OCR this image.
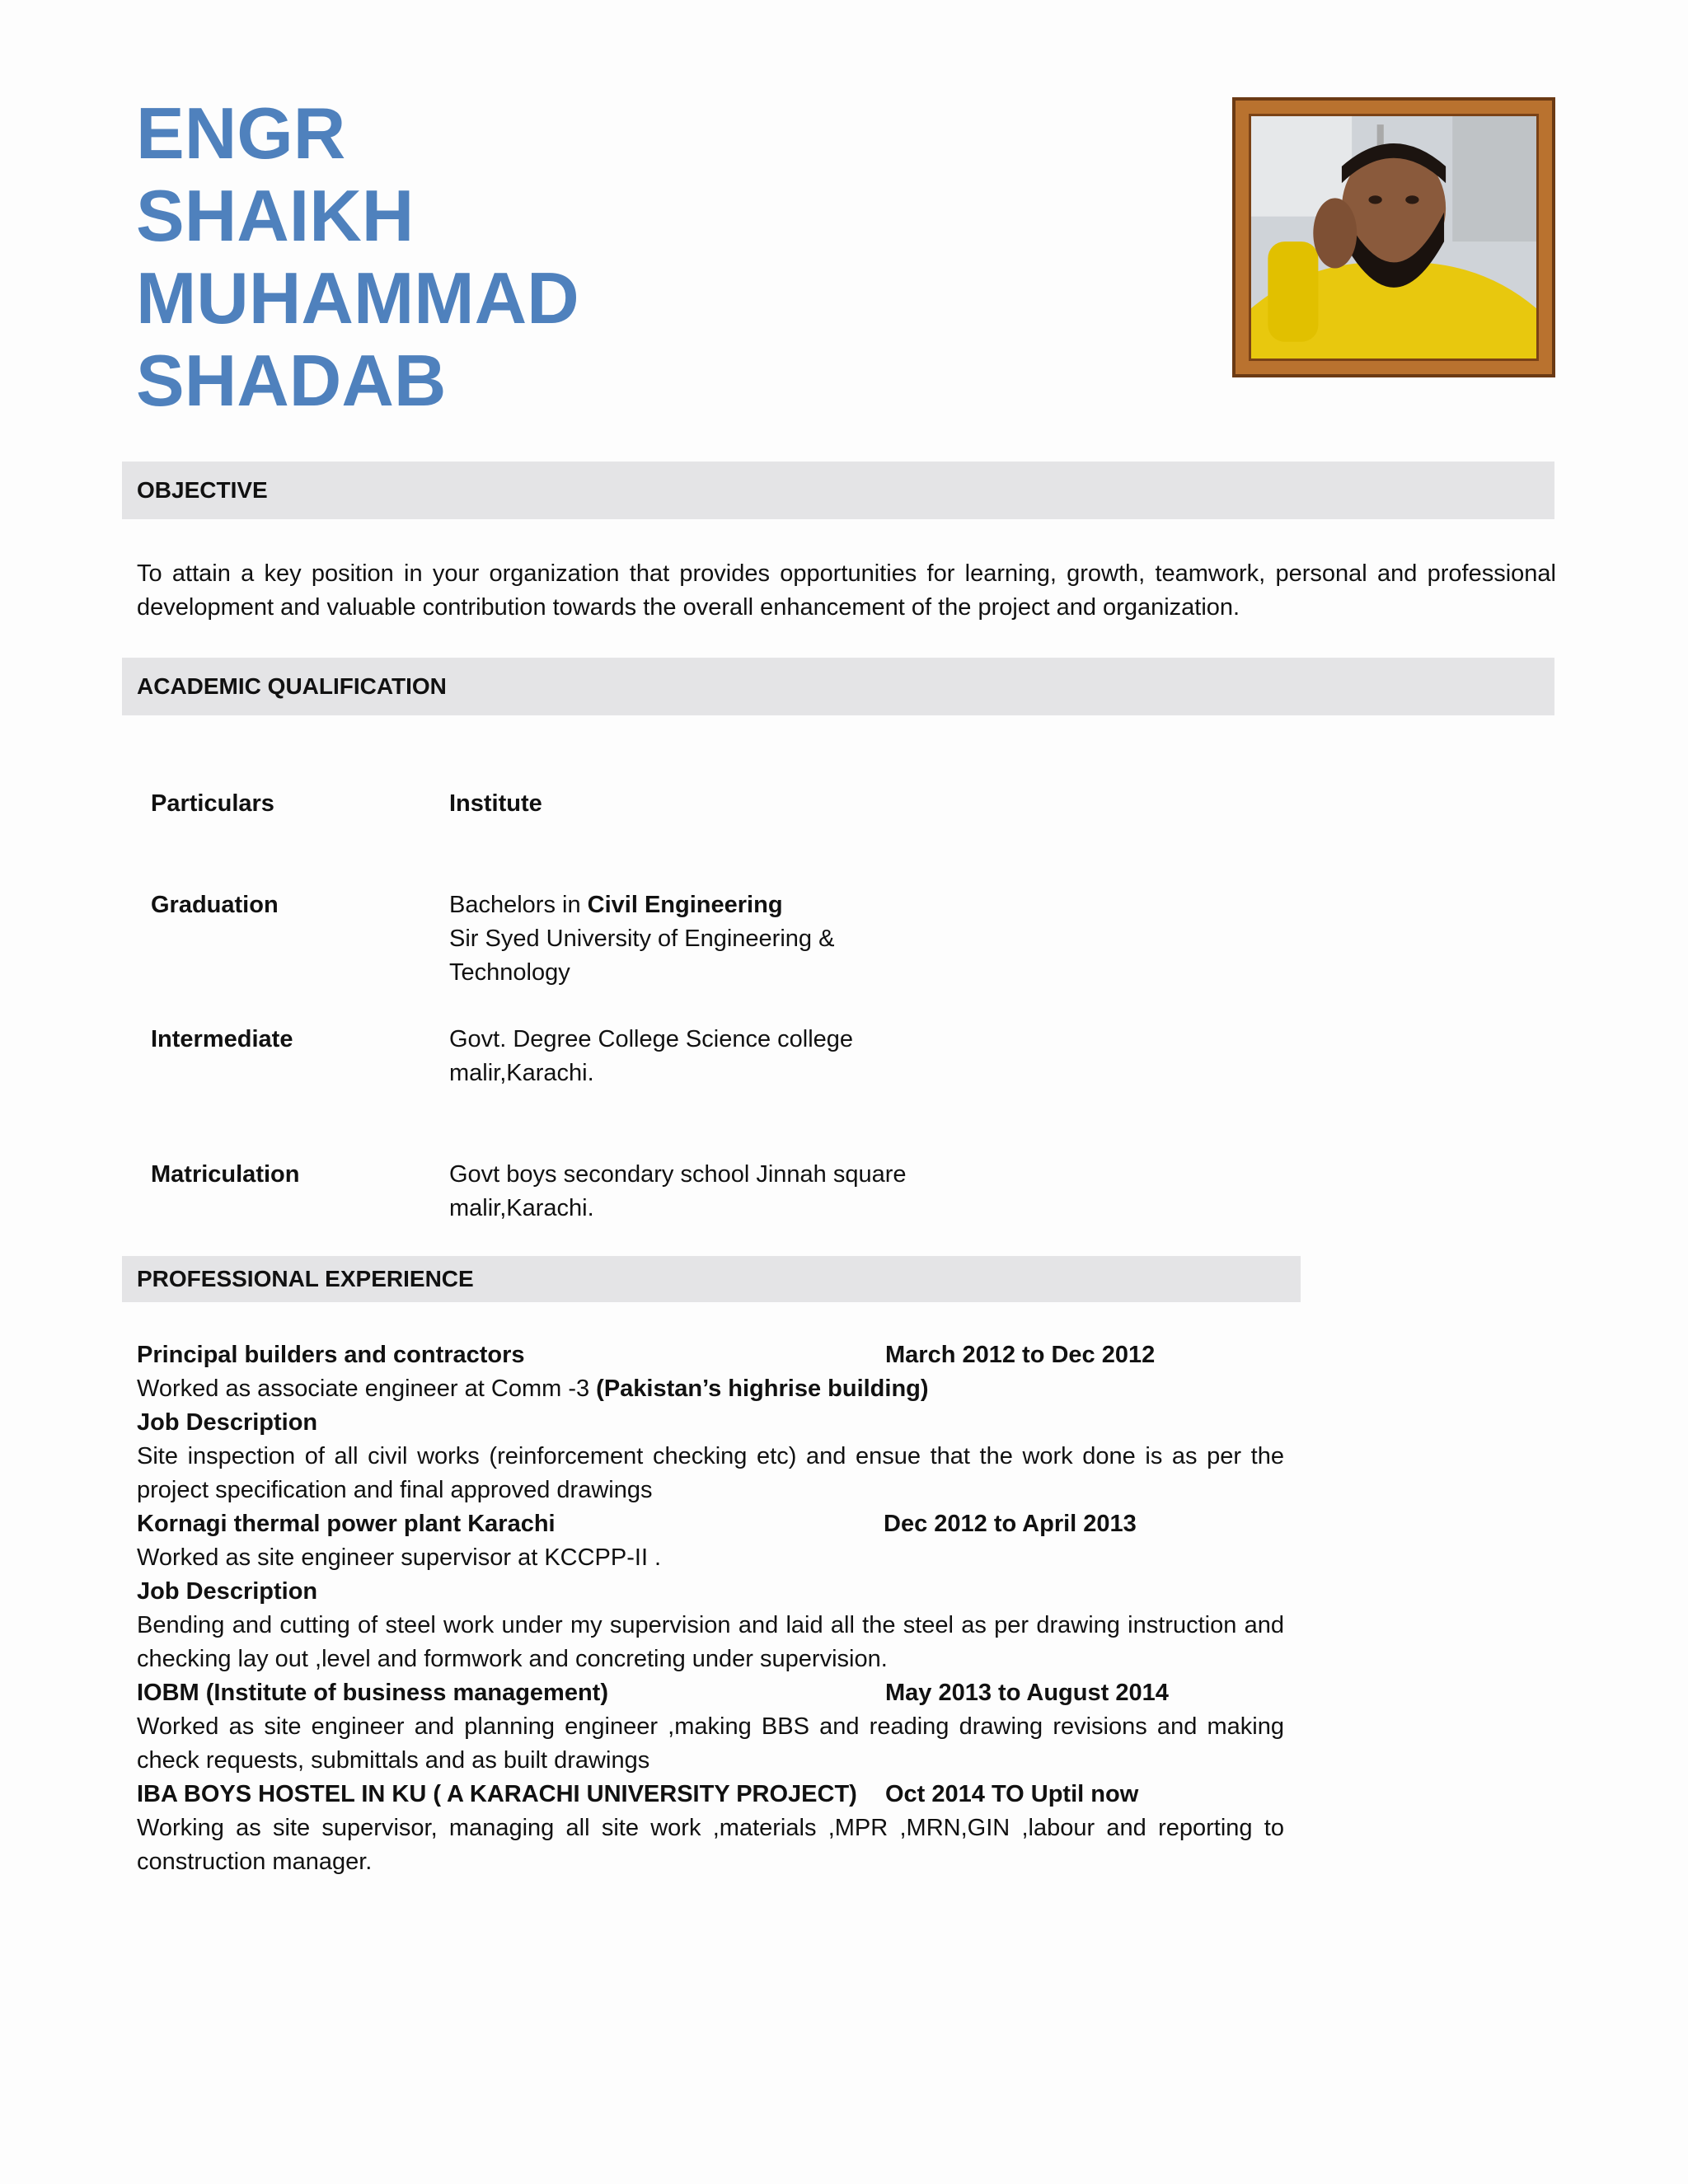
ENGR
SHAIKH
MUHAMMAD
SHADAB
OBJECTIVE
To attain a key position in your organization that provides opportunities for learning, growth, teamwork, personal and professional development and valuable contribution towards the overall enhancement of the project and organization.
ACADEMIC QUALIFICATION
Particulars	Institute
Graduation	Bachelors in Civil Engineering
Sir Syed University of Engineering & Technology
Intermediate	Govt. Degree College Science college malir,Karachi.
Matriculation	Govt boys secondary school Jinnah square malir,Karachi.
PROFESSIONAL EXPERIENCE
Principal builders and contractors	March 2012 to Dec 2012
Worked as associate engineer at Comm -3 (Pakistan’s highrise building)
Job Description
Site inspection of all civil works (reinforcement checking etc) and ensue that the work done is as per the project specification and final approved drawings
Kornagi thermal power plant Karachi	Dec 2012 to April 2013
Worked as site engineer supervisor at KCCPP-II .
Job Description
Bending and cutting of steel work under my supervision and laid all the steel as per drawing instruction and checking lay out ,level and formwork and concreting under supervision.
IOBM (Institute of business management)	May 2013 to August 2014
Worked as site engineer and planning engineer ,making BBS and reading drawing revisions and making check requests, submittals and as built drawings
IBA BOYS HOSTEL IN KU ( A KARACHI UNIVERSITY PROJECT) Oct 2014 TO Uptil now
Working as site supervisor, managing all site work ,materials ,MPR ,MRN,GIN ,labour and reporting to construction manager.
